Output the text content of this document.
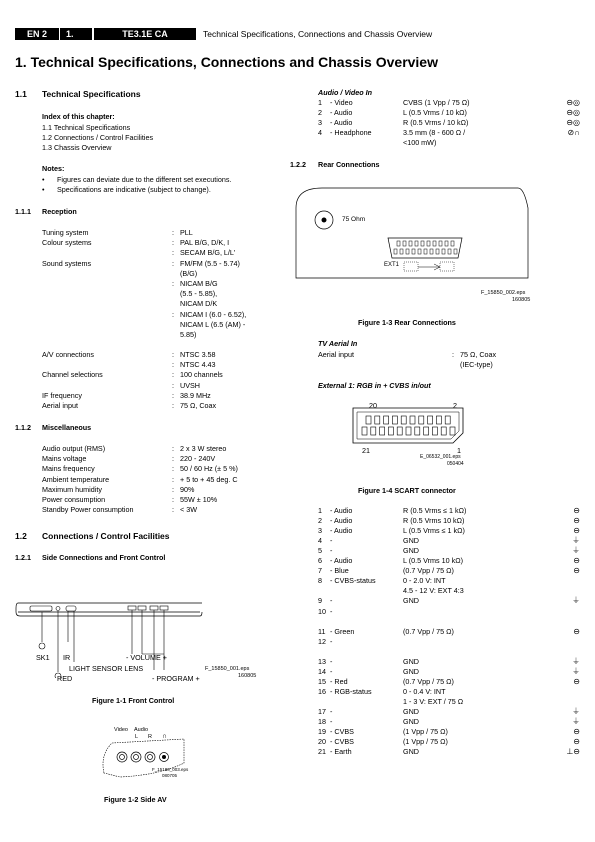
EN 2	1.	TE3.1E CA	Technical Specifications, Connections and Chassis Overview
1. Technical Specifications, Connections and Chassis Overview
1.1 Technical Specifications
Index of this chapter:
1.1 Technical Specifications
1.2 Connections / Control Facilities
1.3 Chassis Overview
Notes:
• Figures can deviate due to the different set executions.
• Specifications are indicative (subject to change).
1.1.1 Reception
Tuning system	: PLL
Colour systems	: PAL B/G, D/K, I
: SECAM B/G, L/L'
Sound systems	: FM/FM (5.5 - 5.74)
(B/G)
: NICAM B/G
(5.5 - 5.85),
NICAM D/K
: NICAM I (6.0 - 6.52),
NICAM L (6.5 (AM) -
5.85)
A/V connections	: NTSC 3.58
: NTSC 4.43
Channel selections	: 100 channels
: UVSH
IF frequency	: 38.9 MHz
Aerial input	: 75 Ω, Coax
1.1.2 Miscellaneous
Audio output (RMS)	: 2 x 3 W stereo
Mains voltage	: 220 - 240V
Mains frequency	: 50 / 60 Hz (± 5 %)
Ambient temperature	: + 5 to + 45 deg. C
Maximum humidity	: 90%
Power consumption	: 55W ± 10%
Standby Power consumption	: < 3W
1.2 Connections / Control Facilities
1.2.1 Side Connections and Front Control
SK1 IR	- VOLUME +
LIGHT SENSOR LENS
RED	- PROGRAM +
F_15850_001.eps
160805
Figure 1-1 Front Control
Video Audio
L R ∩
F_15180_003.eps
080705
Figure 1-2 Side AV
Audio / Video In
1 - Video	CVBS (1 Vpp / 75 Ω)	⊖◎
2 - Audio	L (0.5 Vrms / 10 kΩ)	⊖◎
3 - Audio	R (0.5 Vrms / 10 kΩ)	⊖◎
4 - Headphone	3.5 mm (8 - 600 Ω /	⊘∩
<100 mW)
1.2.2 Rear Connections
75 Ohm
EXT1
F_15850_002.eps
160805
Figure 1-3 Rear Connections
TV Aerial In
Aerial input	: 75 Ω, Coax
(IEC-type)
External 1: RGB in + CVBS in/out
20	2
21	1
E_06532_001.eps
050404
Figure 1-4 SCART connector
1 - Audio	R (0.5 Vrms ≤ 1 kΩ)	⊖
2 - Audio	R (0.5 Vrms 10 kΩ)	⊖
3 - Audio	L (0.5 Vrms ≤ 1 kΩ)	⊖
4 -	GND	⏚
5 -	GND	⏚
6 - Audio	L (0.5 Vrms 10 kΩ)	⊖
7 - Blue	(0.7 Vpp / 75 Ω)	⊖
8 - CVBS-status	0 - 2.0 V: INT
4.5 - 12 V: EXT 4:3
9 -	GND	⏚
10 -
11 - Green	(0.7 Vpp / 75 Ω)	⊖
12 -
13 -	GND	⏚
14 -	GND	⏚
15 - Red	(0.7 Vpp / 75 Ω)	⊖
16 - RGB-status	0 - 0.4 V: INT
1 - 3 V: EXT / 75 Ω
17 -	GND	⏚
18 -	GND	⏚
19 - CVBS	(1 Vpp / 75 Ω)	⊖
20 - CVBS	(1 Vpp / 75 Ω)	⊖
21 - Earth	GND	⊥⊖
